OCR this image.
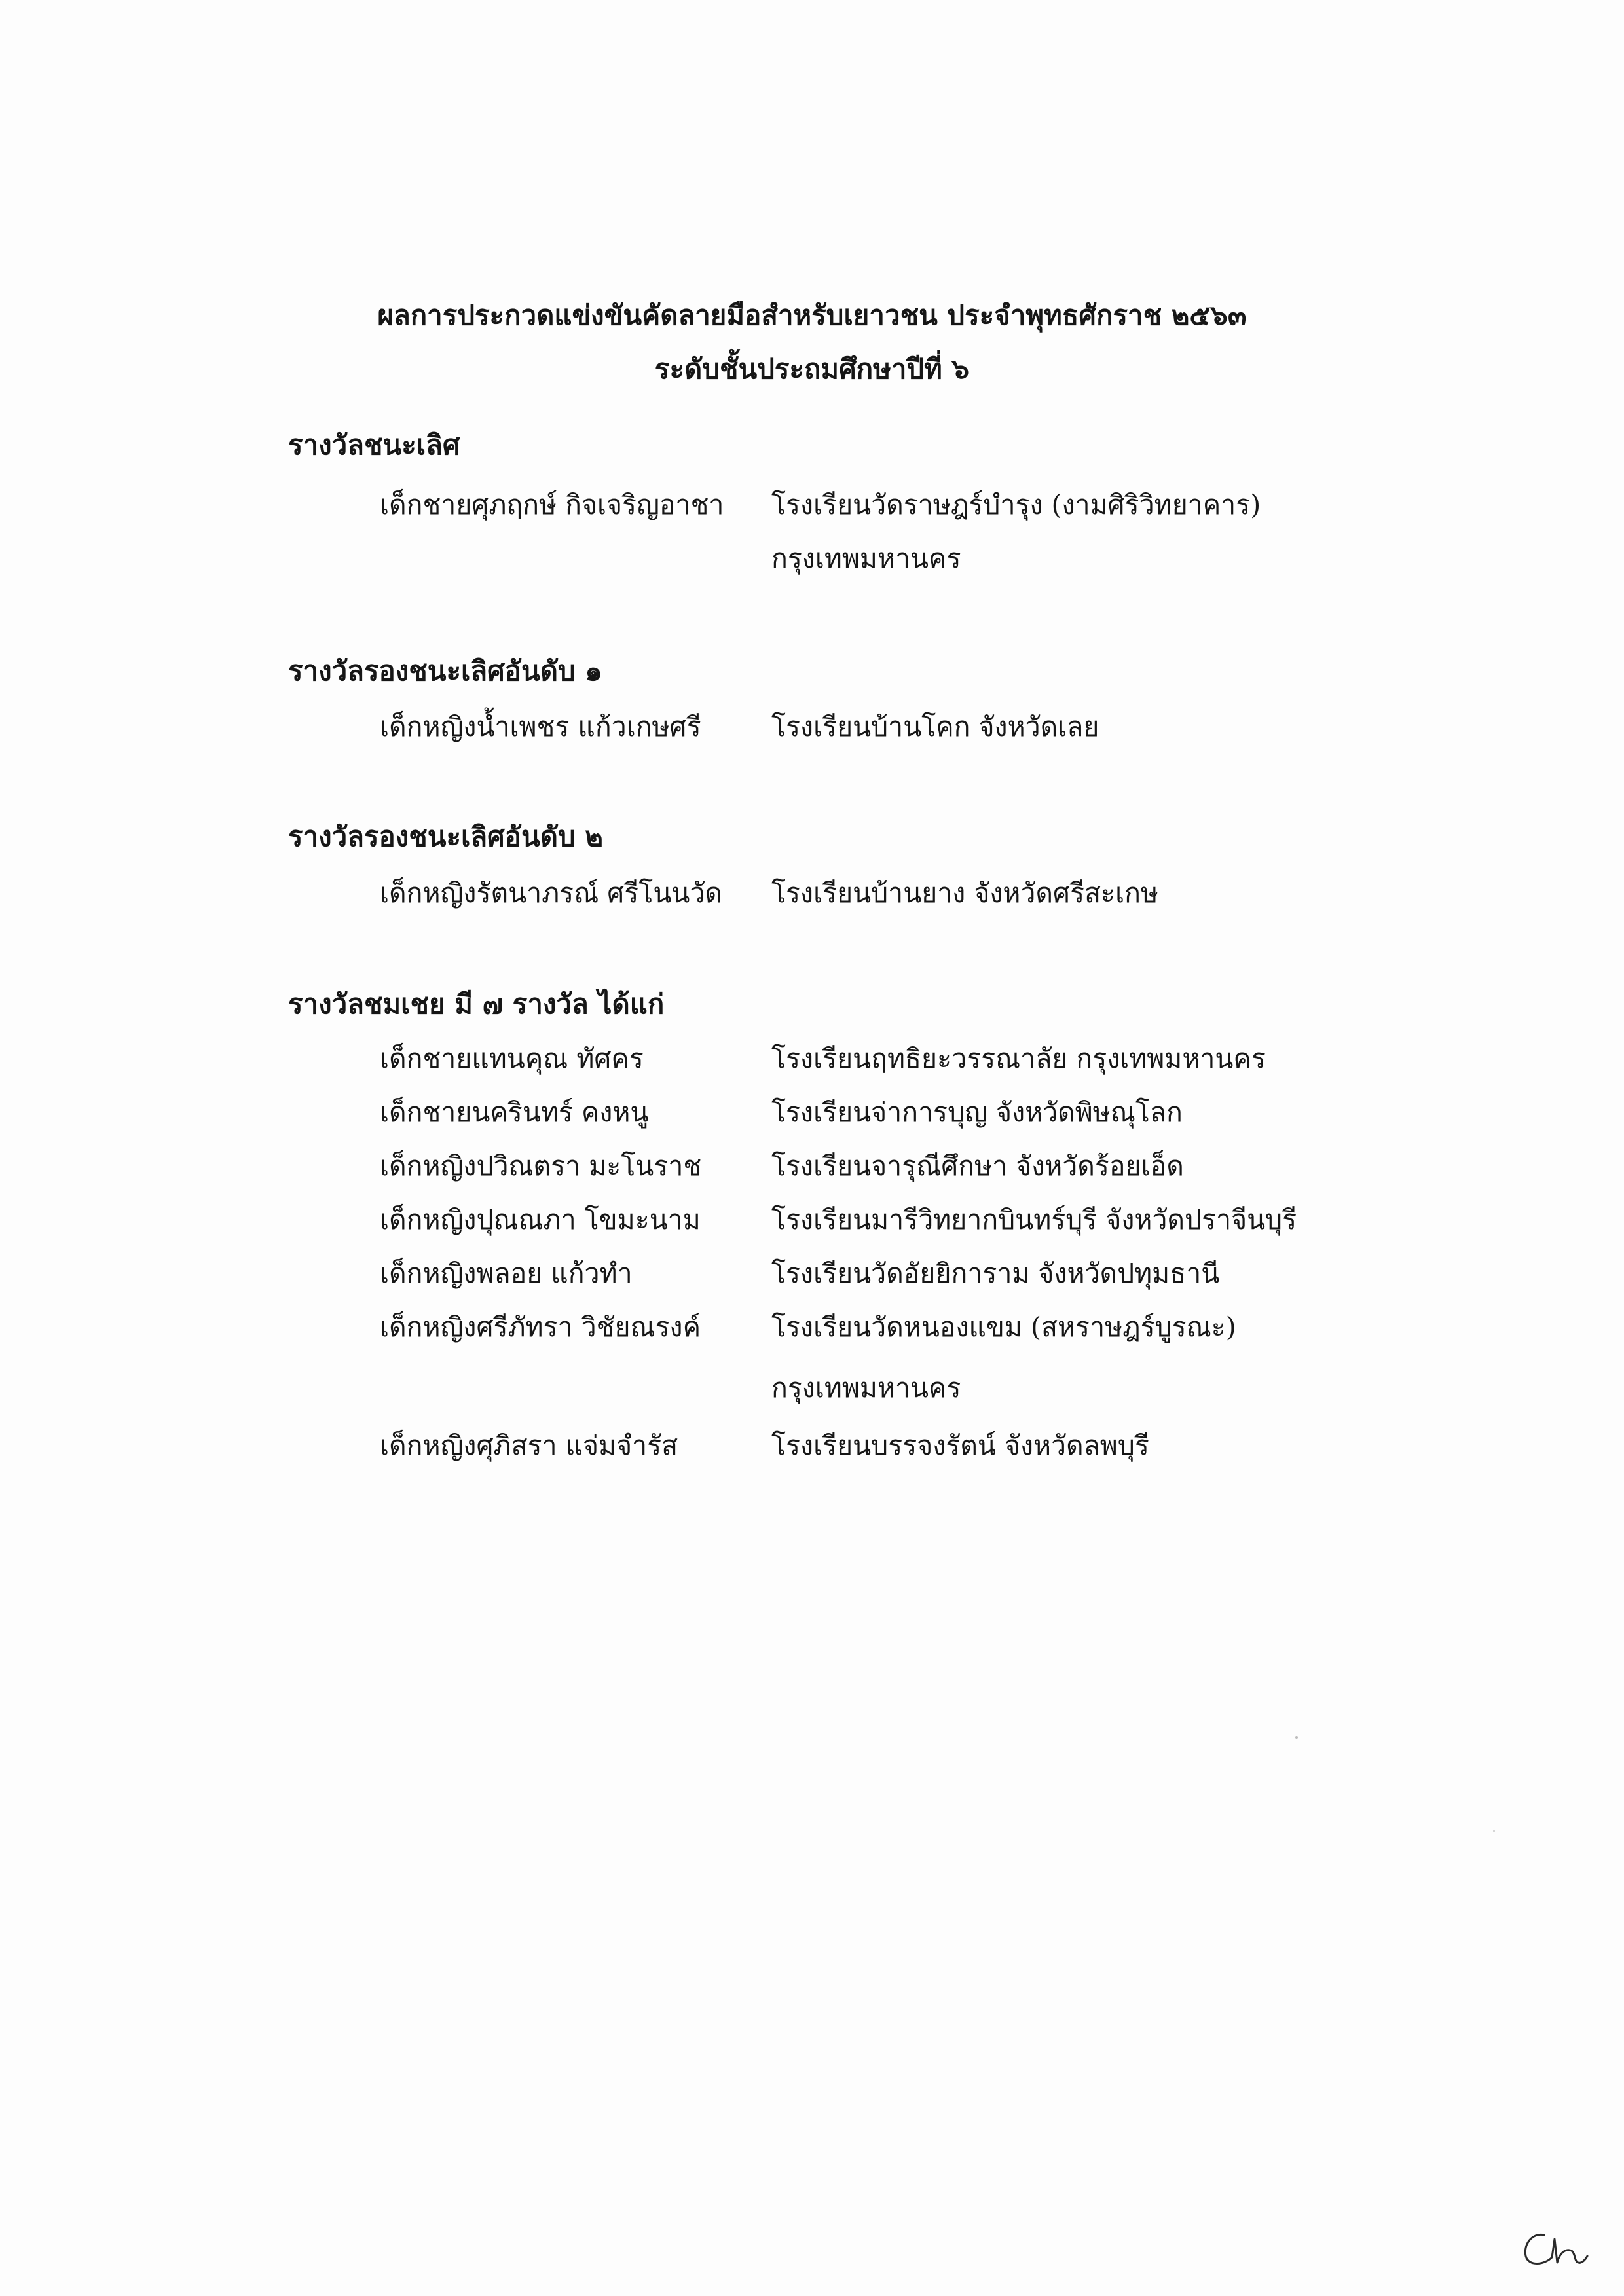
ผลการประกวดแข่งขันคัดลายมือสำหรับเยาวชน ประจำพุทธศักราช ๒๕๖๓
ระดับชั้นประถมศึกษาปีที่ ๖
รางวัลชนะเลิศ
เด็กชายศุภฤกษ์ กิจเจริญอาชา โรงเรียนวัดราษฎร์บำรุง (งามศิริวิทยาคาร)
กรุงเทพมหานคร
รางวัลรองชนะเลิศอันดับ ๑
เด็กหญิงน้ำเพชร แก้วเกษศรี	โรงเรียนบ้านโคก จังหวัดเลย
รางวัลรองชนะเลิศอันดับ ๒
เด็กหญิงรัตนาภรณ์ ศรีโนนวัด โรงเรียนบ้านยาง จังหวัดศรีสะเกษ
รางวัลชมเชย มี ๗ รางวัล ได้แก่
เด็กชายแทนคุณ ทัศคร	โรงเรียนฤทธิยะวรรณาลัย กรุงเทพมหานคร
เด็กชายนครินทร์ คงหนู	โรงเรียนจ่าการบุญ จังหวัดพิษณุโลก
เด็กหญิงปวิณตรา มะโนราช	โรงเรียนจารุณีศึกษา จังหวัดร้อยเอ็ด
เด็กหญิงปุณณภา โขมะนาม	โรงเรียนมารีวิทยากบินทร์บุรี จังหวัดปราจีนบุรี
เด็กหญิงพลอย แก้วทำ	โรงเรียนวัดอัยยิการาม จังหวัดปทุมธานี
เด็กหญิงศรีภัทรา วิชัยณรงค์	โรงเรียนวัดหนองแขม (สหราษฎร์บูรณะ)
กรุงเทพมหานคร
เด็กหญิงศุภิสรา แจ่มจำรัส	โรงเรียนบรรจงรัตน์ จังหวัดลพบุรี
